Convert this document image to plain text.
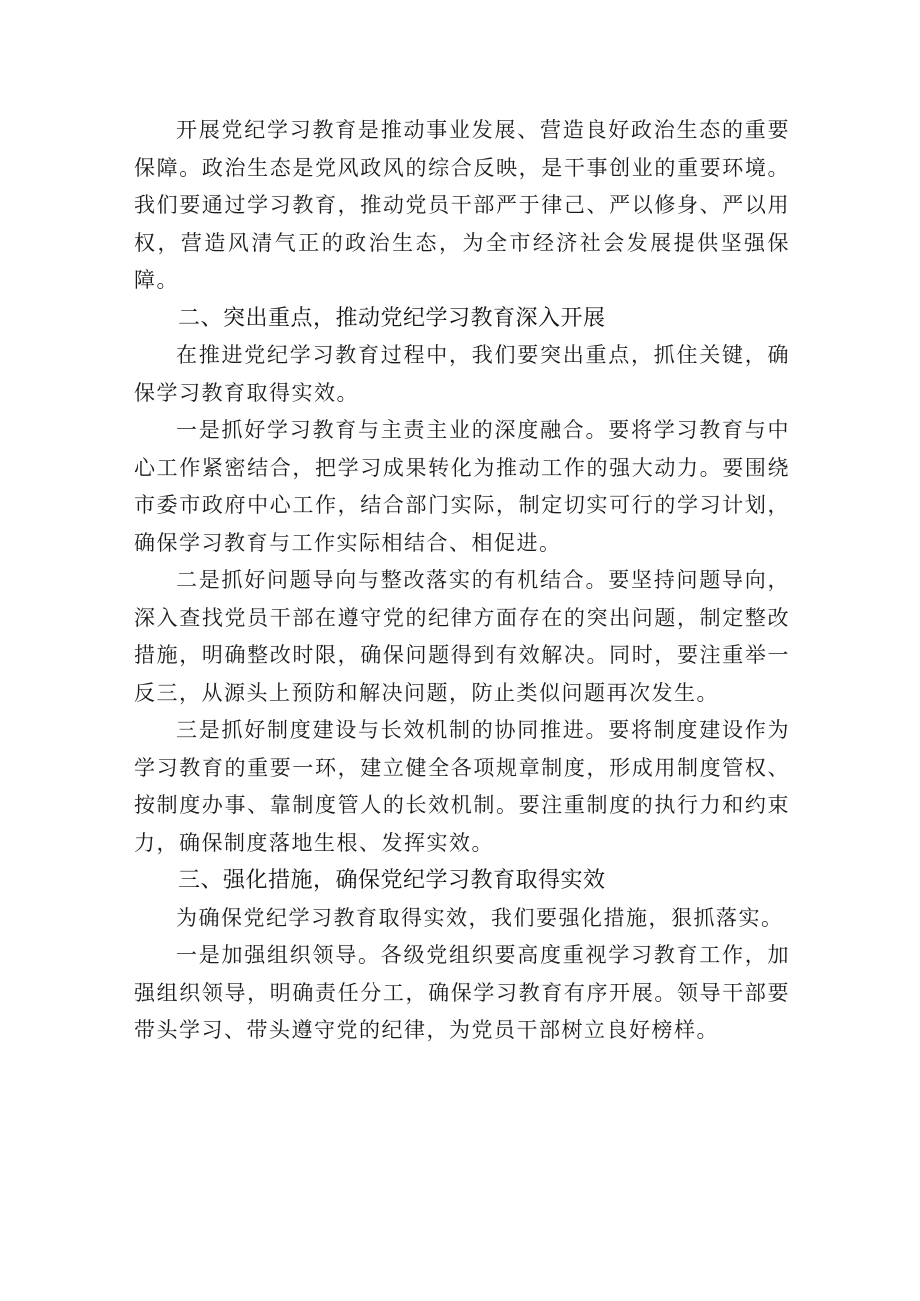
开展党纪学习教育是推动事业发展、营造良好政治生态的重要保障。政治生态是党风政风的综合反映，是干事创业的重要环境。我们要通过学习教育，推动党员干部严于律己、严以修身、严以用权，营造风清气正的政治生态，为全市经济社会发展提供坚强保障。

二、突出重点，推动党纪学习教育深入开展

在推进党纪学习教育过程中，我们要突出重点，抓住关键，确保学习教育取得实效。

一是抓好学习教育与主责主业的深度融合。要将学习教育与中心工作紧密结合，把学习成果转化为推动工作的强大动力。要围绕市委市政府中心工作，结合部门实际，制定切实可行的学习计划，确保学习教育与工作实际相结合、相促进。

二是抓好问题导向与整改落实的有机结合。要坚持问题导向，深入查找党员干部在遵守党的纪律方面存在的突出问题，制定整改措施，明确整改时限，确保问题得到有效解决。同时，要注重举一反三，从源头上预防和解决问题，防止类似问题再次发生。

三是抓好制度建设与长效机制的协同推进。要将制度建设作为学习教育的重要一环，建立健全各项规章制度，形成用制度管权、按制度办事、靠制度管人的长效机制。要注重制度的执行力和约束力，确保制度落地生根、发挥实效。

三、强化措施，确保党纪学习教育取得实效

为确保党纪学习教育取得实效，我们要强化措施，狠抓落实。

一是加强组织领导。各级党组织要高度重视学习教育工作，加强组织领导，明确责任分工，确保学习教育有序开展。领导干部要带头学习、带头遵守党的纪律，为党员干部树立良好榜样。
